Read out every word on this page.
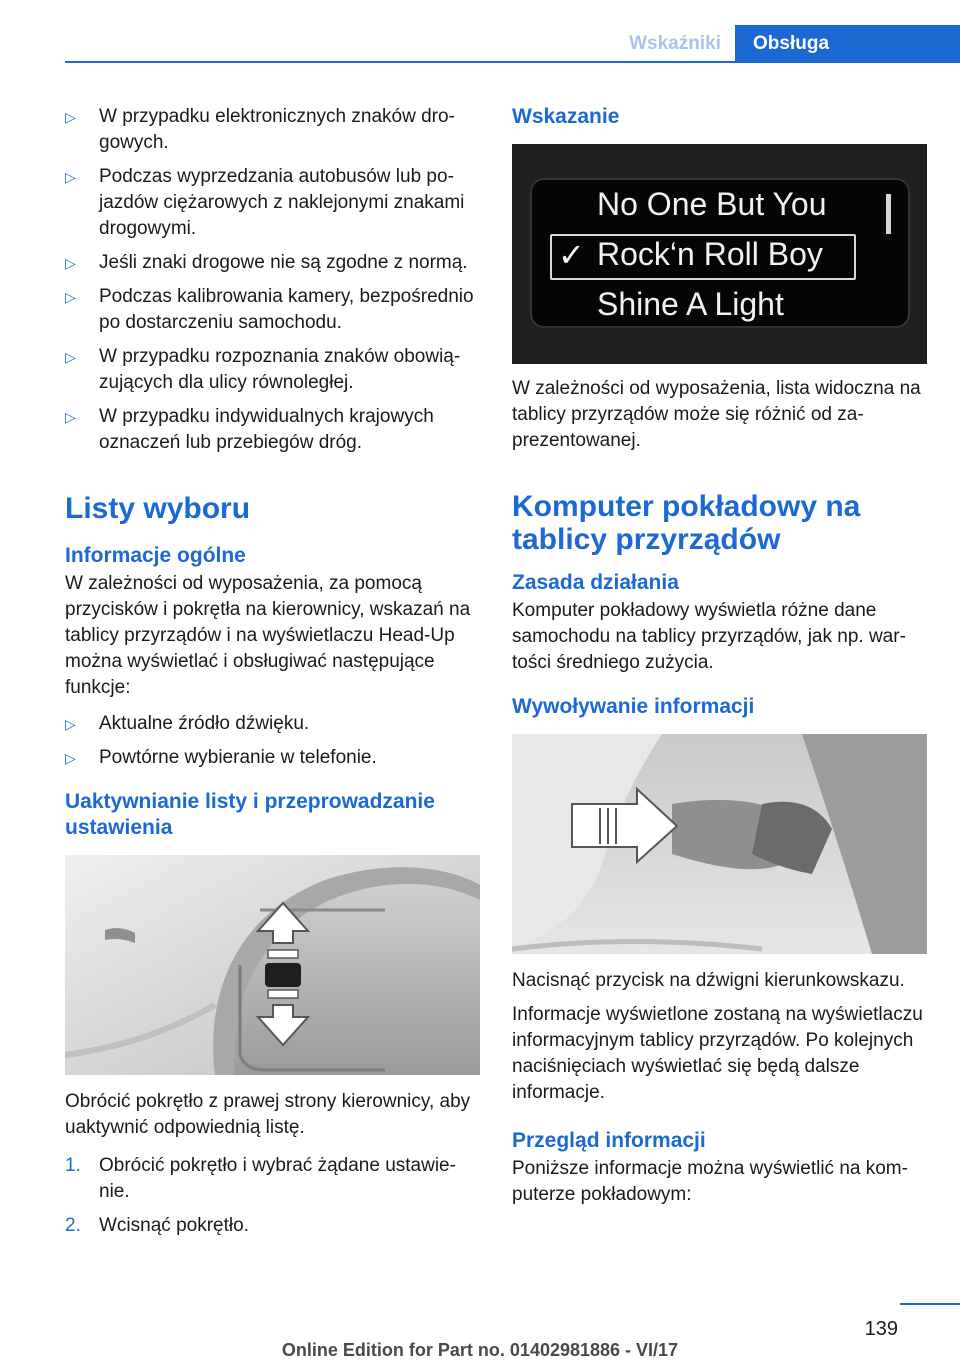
Wskaźniki	Obsługa
▷ W przypadku elektronicznych znaków drogowych.
▷ Podczas wyprzedzania autobusów lub pojazdów ciężarowych z naklejonymi znakami drogowymi.
▷ Jeśli znaki drogowe nie są zgodne z normą.
▷ Podczas kalibrowania kamery, bezpośrednio po dostarczeniu samochodu.
▷ W przypadku rozpoznania znaków obowiązujących dla ulicy równoległej.
▷ W przypadku indywidualnych krajowych oznaczeń lub przebiegów dróg.
Listy wyboru
Informacje ogólne
W zależności od wyposażenia, za pomocą przycisków i pokrętła na kierownicy, wskazań na tablicy przyrządów i na wyświetlaczu Head-Up można wyświetlać i obsługiwać następujące funkcje:
▷ Aktualne źródło dźwięku.
▷ Powtórne wybieranie w telefonie.
Uaktywnianie listy i przeprowadzanie ustawienia
Obrócić pokrętło z prawej strony kierownicy, aby uaktywnić odpowiednią listę.
1. Obrócić pokrętło i wybrać żądane ustawienie.
2. Wcisnąć pokrętło.
Wskazanie
No One But You
✓ Rock‘n Roll Boy
Shine A Light
W zależności od wyposażenia, lista widoczna na tablicy przyrządów może się różnić od zaprezentowanej.
Komputer pokładowy na tablicy przyrządów
Zasada działania
Komputer pokładowy wyświetla różne dane samochodu na tablicy przyrządów, jak np. wartości średniego zużycia.
Wywoływanie informacji
Nacisnąć przycisk na dźwigni kierunkowskazu.
Informacje wyświetlone zostaną na wyświetlaczu informacyjnym tablicy przyrządów. Po kolejnych naciśnięciach wyświetlać się będą dalsze informacje.
Przegląd informacji
Poniższe informacje można wyświetlić na komputerze pokładowym:
139
Online Edition for Part no. 01402981886 - VI/17
